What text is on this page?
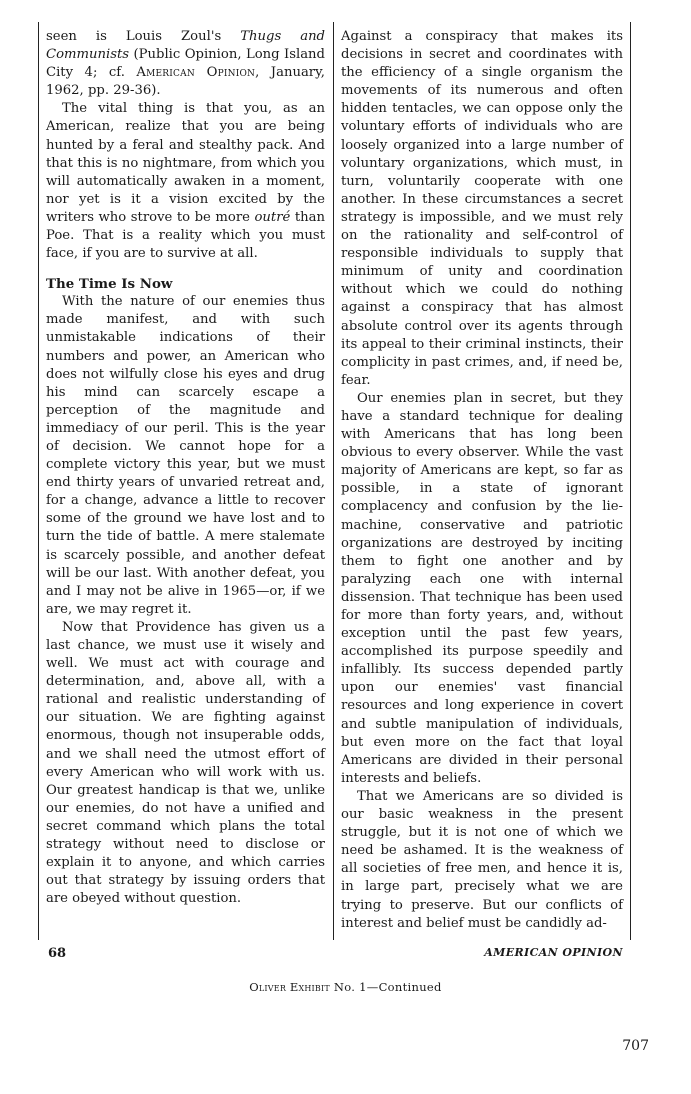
seen is Louis Zoul's Thugs and Communists (Public Opinion, Long Island City 4; cf. American Opinion, January, 1962, pp. 29-36).

The vital thing is that you, as an American, realize that you are being hunted by a feral and stealthy pack. And that this is no nightmare, from which you will automatically awaken in a moment, nor yet is it a vision excited by the writers who strove to be more outré than Poe. That is a reality which you must face, if you are to survive at all.

The Time Is Now

With the nature of our enemies thus made manifest, and with such unmistakable indications of their numbers and power, an American who does not wilfully close his eyes and drug his mind can scarcely escape a perception of the magnitude and immediacy of our peril. This is the year of decision. We cannot hope for a complete victory this year, but we must end thirty years of unvaried retreat and, for a change, advance a little to recover some of the ground we have lost and to turn the tide of battle. A mere stalemate is scarcely possible, and another defeat will be our last. With another defeat, you and I may not be alive in 1965—or, if we are, we may regret it.

Now that Providence has given us a last chance, we must use it wisely and well. We must act with courage and determination, and, above all, with a rational and realistic understanding of our situation. We are fighting against enormous, though not insuperable odds, and we shall need the utmost effort of every American who will work with us. Our greatest handicap is that we, unlike our enemies, do not have a unified and secret command which plans the total strategy without need to disclose or explain it to anyone, and which carries out that strategy by issuing orders that are obeyed without question.

Against a conspiracy that makes its decisions in secret and coordinates with the efficiency of a single organism the movements of its numerous and often hidden tentacles, we can oppose only the voluntary efforts of individuals who are loosely organized into a large number of voluntary organizations, which must, in turn, voluntarily cooperate with one another. In these circumstances a secret strategy is impossible, and we must rely on the rationality and self-control of responsible individuals to supply that minimum of unity and coordination without which we could do nothing against a conspiracy that has almost absolute control over its agents through its appeal to their criminal instincts, their complicity in past crimes, and, if need be, fear.

Our enemies plan in secret, but they have a standard technique for dealing with Americans that has long been obvious to every observer. While the vast majority of Americans are kept, so far as possible, in a state of ignorant complacency and confusion by the lie-machine, conservative and patriotic organizations are destroyed by inciting them to fight one another and by paralyzing each one with internal dissension. That technique has been used for more than forty years, and, without exception until the past few years, accomplished its purpose speedily and infallibly. Its success depended partly upon our enemies' vast financial resources and long experience in covert and subtle manipulation of individuals, but even more on the fact that loyal Americans are divided in their personal interests and beliefs.

That we Americans are so divided is our basic weakness in the present struggle, but it is not one of which we need be ashamed. It is the weakness of all societies of free men, and hence it is, in large part, precisely what we are trying to preserve. But our conflicts of interest and belief must be candidly ad-

68	AMERICAN OPINION
Oliver Exhibit No. 1—Continued
707
